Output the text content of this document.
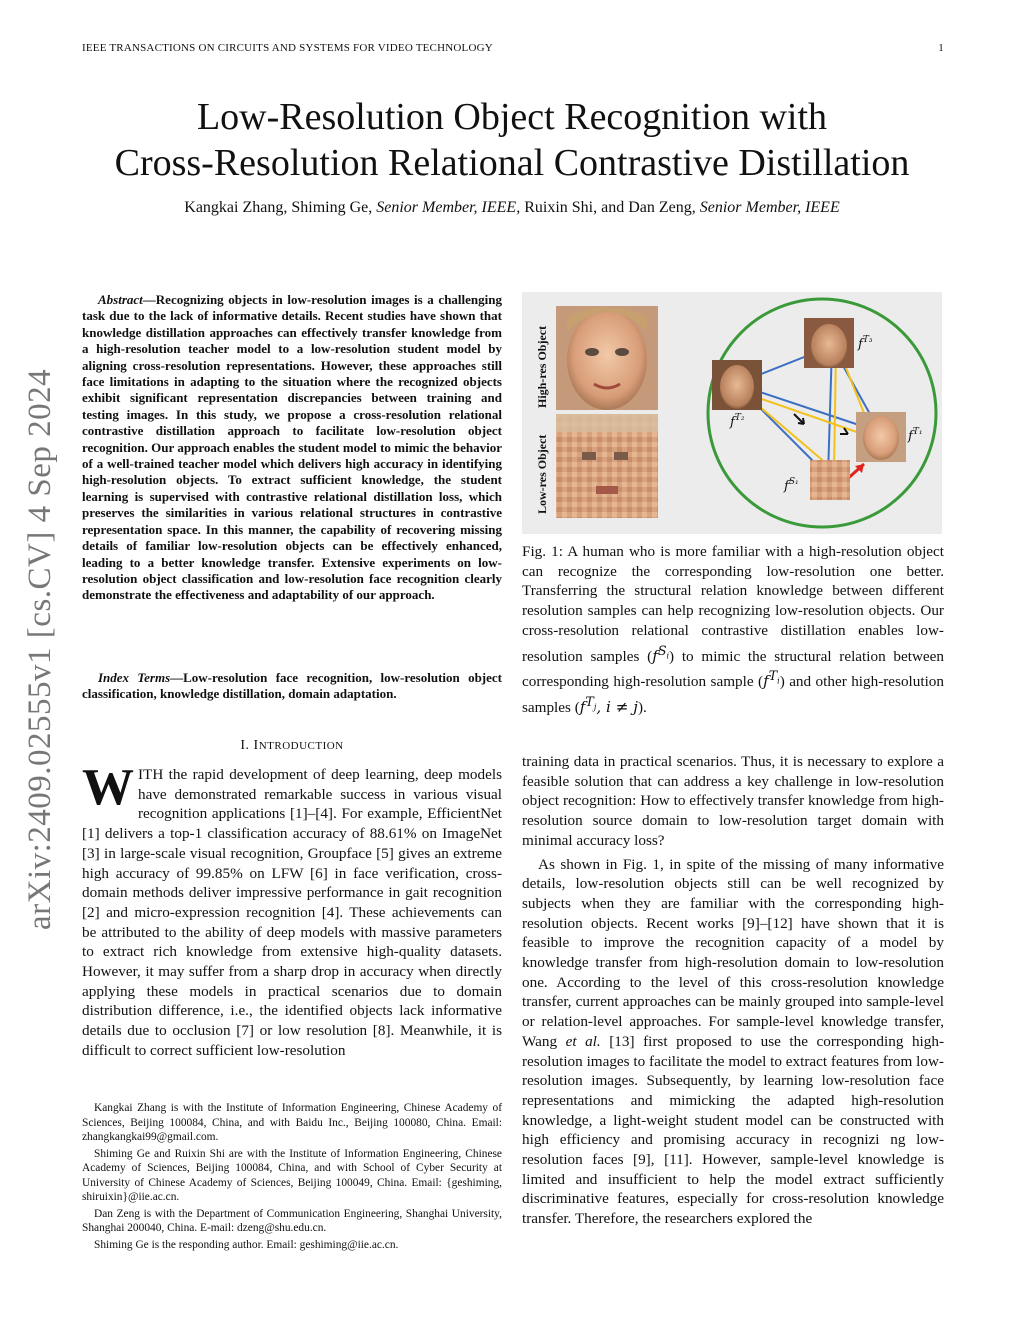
IEEE TRANSACTIONS ON CIRCUITS AND SYSTEMS FOR VIDEO TECHNOLOGY	1
Low-Resolution Object Recognition with
Cross-Resolution Relational Contrastive Distillation
Kangkai Zhang, Shiming Ge, Senior Member, IEEE, Ruixin Shi, and Dan Zeng, Senior Member, IEEE
arXiv:2409.02555v1 [cs.CV] 4 Sep 2024
Abstract—Recognizing objects in low-resolution images is a challenging task due to the lack of informative details. Recent studies have shown that knowledge distillation approaches can effectively transfer knowledge from a high-resolution teacher model to a low-resolution student model by aligning cross-resolution representations. However, these approaches still face limitations in adapting to the situation where the recognized objects exhibit significant representation discrepancies between training and testing images. In this study, we propose a cross-resolution relational contrastive distillation approach to facilitate low-resolution object recognition. Our approach enables the student model to mimic the behavior of a well-trained teacher model which delivers high accuracy in identifying high-resolution objects. To extract sufficient knowledge, the student learning is supervised with contrastive relational distillation loss, which preserves the similarities in various relational structures in contrastive representation space. In this manner, the capability of recovering missing details of familiar low-resolution objects can be effectively enhanced, leading to a better knowledge transfer. Extensive experiments on low-resolution object classification and low-resolution face recognition clearly demonstrate the effectiveness and adaptability of our approach.
Index Terms—Low-resolution face recognition, low-resolution object classification, knowledge distillation, domain adaptation.
I. INTRODUCTION
WITH the rapid development of deep learning, deep models have demonstrated remarkable success in various visual recognition applications [1]–[4]. For example, EfficientNet [1] delivers a top-1 classification accuracy of 88.61% on ImageNet [3] in large-scale visual recognition, Groupface [5] gives an extreme high accuracy of 99.85% on LFW [6] in face verification, cross-domain methods deliver impressive performance in gait recognition [2] and micro-expression recognition [4]. These achievements can be attributed to the ability of deep models with massive parameters to extract rich knowledge from extensive high-quality datasets. However, it may suffer from a sharp drop in accuracy when directly applying these models in practical scenarios due to domain distribution difference, i.e., the identified objects lack informative details due to occlusion [7] or low resolution [8]. Meanwhile, it is difficult to correct sufficient low-resolution

Kangkai Zhang is with the Institute of Information Engineering, Chinese Academy of Sciences, Beijing 100084, China, and with Baidu Inc., Beijing 100080, China. Email: zhangkangkai99@gmail.com.

Shiming Ge and Ruixin Shi are with the Institute of Information Engineering, Chinese Academy of Sciences, Beijing 100084, China, and with School of Cyber Security at University of Chinese Academy of Sciences, Beijing 100049, China. Email: {geshiming, shiruixin}@iie.ac.cn.

Dan Zeng is with the Department of Communication Engineering, Shanghai University, Shanghai 200040, China. E-mail: dzeng@shu.edu.cn.

Shiming Ge is the responding author. Email: geshiming@iie.ac.cn.

High-res Object
Low-res Object
$f^{T_3}$
$f^{T_2}$
$f^{T_1}$
$f^{S_1}$
Fig. 1: A human who is more familiar with a high-resolution object can recognize the corresponding low-resolution one better. Transferring the structural relation knowledge between different resolution samples can help recognizing low-resolution objects. Our cross-resolution relational contrastive distillation enables low-resolution samples $(f^{S_i})$ to mimic the structural relation between corresponding high-resolution sample $(f^{T_i})$ and other high-resolution samples ($f^{T_j}$, i ≠ j).

training data in practical scenarios. Thus, it is necessary to explore a feasible solution that can address a key challenge in low-resolution object recognition: How to effectively transfer knowledge from high-resolution source domain to low-resolution target domain with minimal accuracy loss?

As shown in Fig. 1, in spite of the missing of many informative details, low-resolution objects still can be well recognized by subjects when they are familiar with the corresponding high-resolution objects. Recent works [9]–[12] have shown that it is feasible to improve the recognition capacity of a model by knowledge transfer from high-resolution domain to low-resolution one. According to the level of this cross-resolution knowledge transfer, current approaches can be mainly grouped into sample-level or relation-level approaches. For sample-level knowledge transfer, Wang et al. [13] first proposed to use the corresponding high-resolution images to facilitate the model to extract features from low-resolution images. Subsequently, by learning low-resolution face representations and mimicking the adapted high-resolution knowledge, a light-weight student model can be constructed with high efficiency and promising accuracy in recognizi ng low-resolution faces [9], [11]. However, sample-level knowledge is limited and insufficient to help the model extract sufficiently discriminative features, especially for cross-resolution knowledge transfer. Therefore, the researchers explored the
